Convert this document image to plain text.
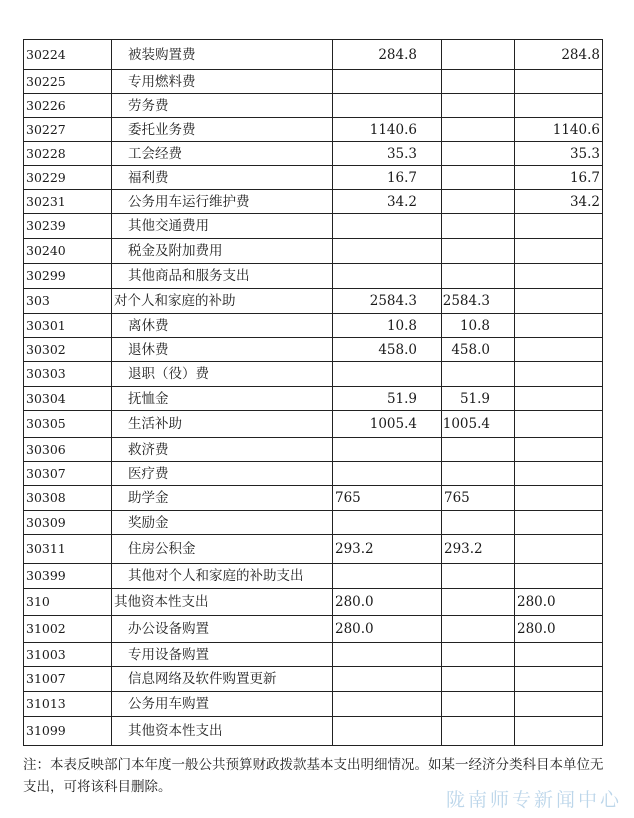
30224	被装购置费	284.8		284.8
30225	专用燃料费			
30226	劳务费			
30227	委托业务费	1140.6		1140.6
30228	工会经费	35.3		35.3
30229	福利费	16.7		16.7
30231	公务用车运行维护费	34.2		34.2
30239	其他交通费用			
30240	税金及附加费用			
30299	其他商品和服务支出			
303	对个人和家庭的补助	2584.3	2584.3	
30301	离休费	10.8	10.8	
30302	退休费	458.0	458.0	
30303	退职（役）费			
30304	抚恤金	51.9	51.9	
30305	生活补助	1005.4	1005.4	
30306	救济费			
30307	医疗费			
30308	助学金	765	765	
30309	奖励金			
30311	住房公积金	293.2	293.2	
30399	其他对个人和家庭的补助支出			
310	其他资本性支出	280.0		280.0
31002	办公设备购置	280.0		280.0
31003	专用设备购置			
31007	信息网络及软件购置更新			
31013	公务用车购置			
31099	其他资本性支出			

注：本表反映部门本年度一般公共预算财政拨款基本支出明细情况。如某一经济分类科目本单位无支出，可将该科目删除。

陇南师专新闻中心
